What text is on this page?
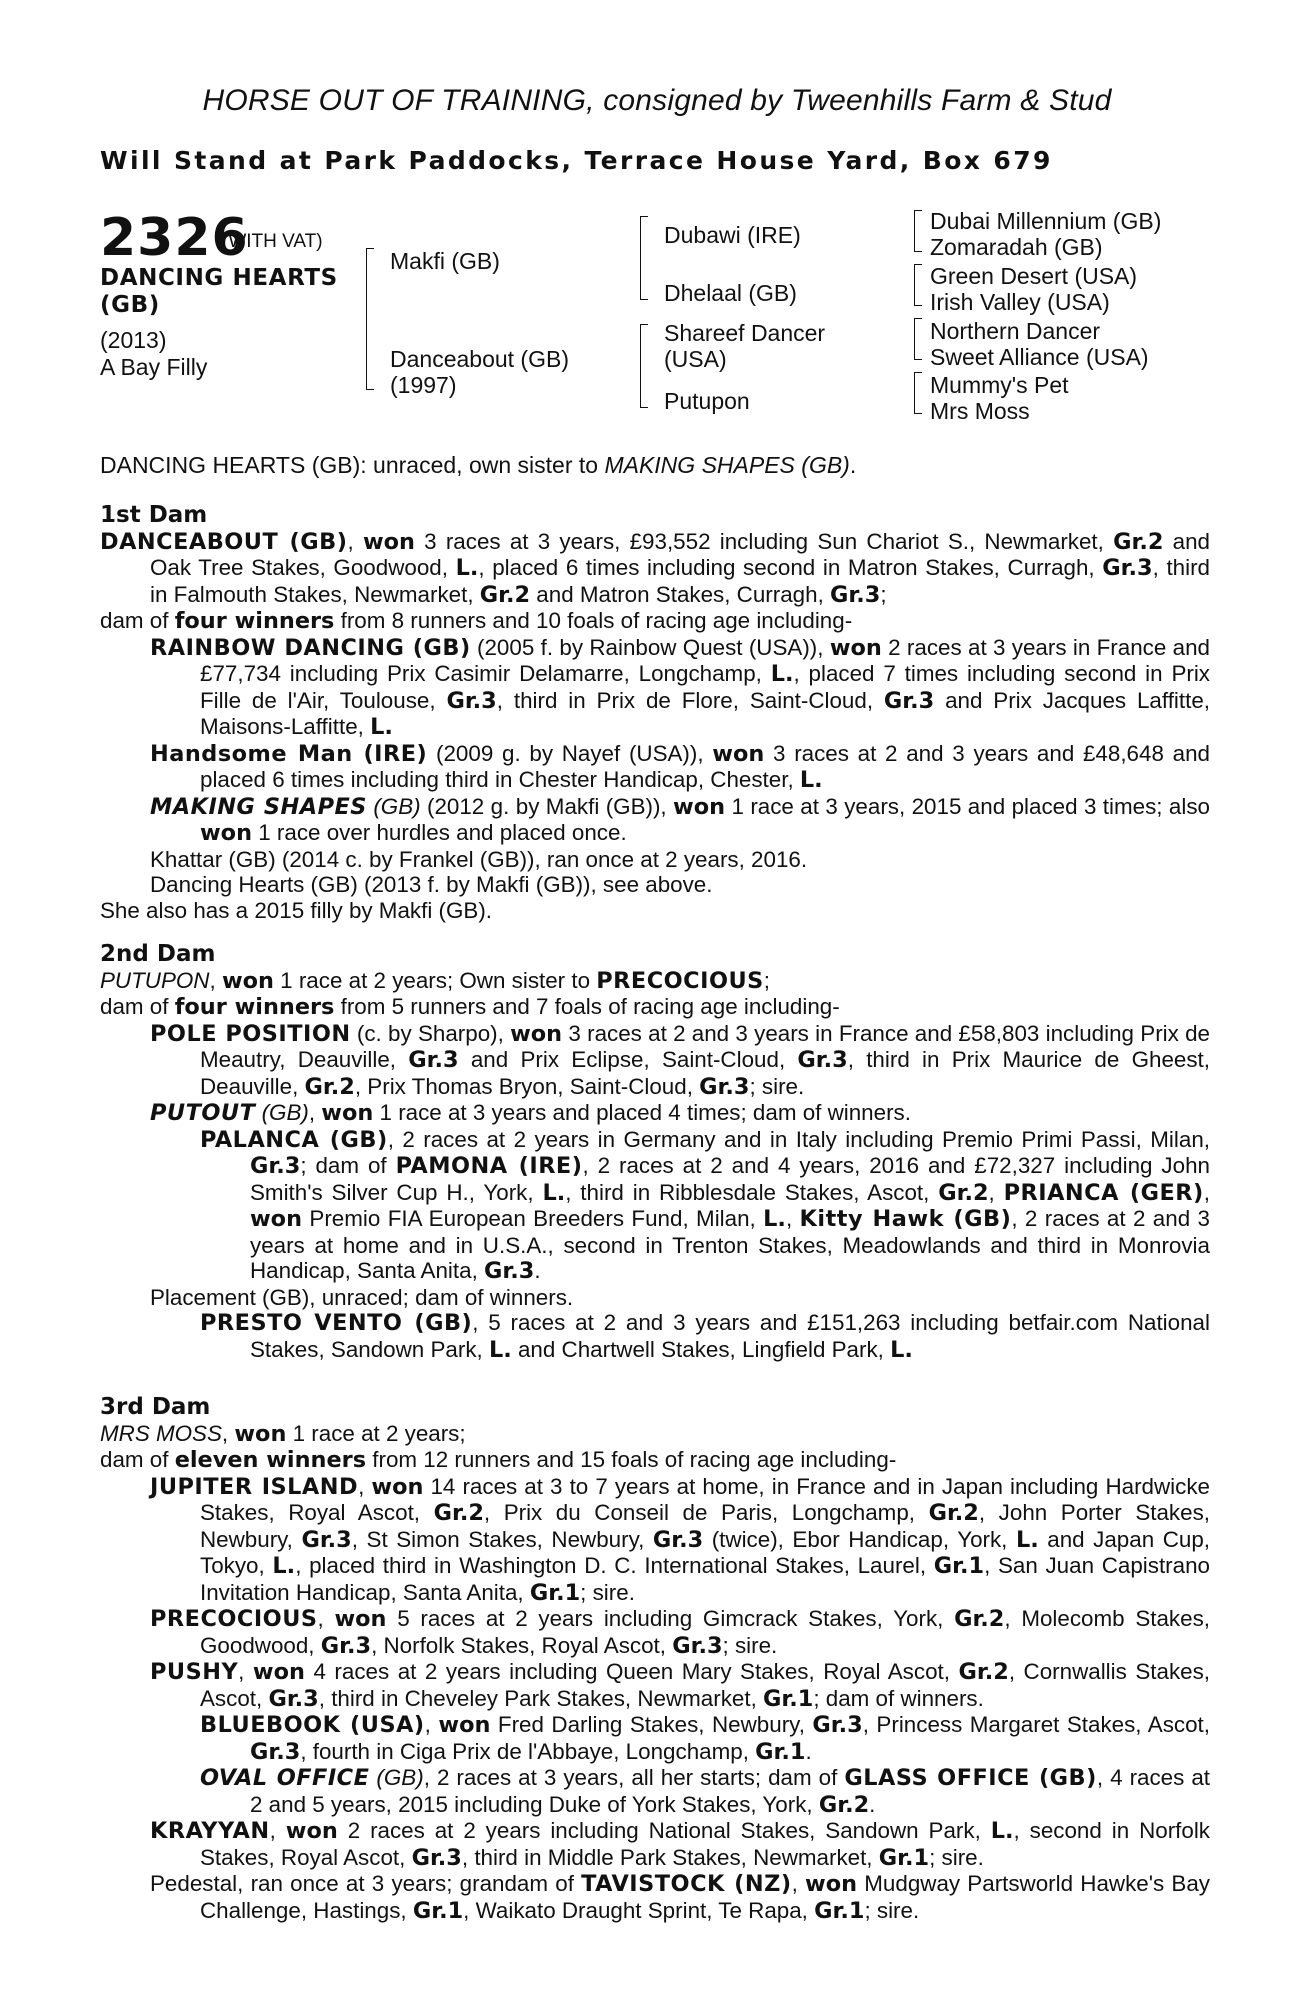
HORSE OUT OF TRAINING, consigned by Tweenhills Farm & Stud
Will Stand at Park Paddocks, Terrace House Yard, Box 679
2326
(WITH VAT)
DANCING HEARTS
(GB)
(2013)
A Bay Filly
Makfi (GB)
Danceabout (GB)
(1997)
Dubawi (IRE)
Dhelaal (GB)
Shareef Dancer
(USA)
Putupon
Dubai Millennium (GB)
Zomaradah (GB)
Green Desert (USA)
Irish Valley (USA)
Northern Dancer
Sweet Alliance (USA)
Mummy's Pet
Mrs Moss
DANCING HEARTS (GB): unraced, own sister to MAKING SHAPES (GB).
1st Dam
DANCEABOUT (GB), won 3 races at 3 years, £93,552 including Sun Chariot S., Newmarket, Gr.2 and Oak Tree Stakes, Goodwood, L., placed 6 times including second in Matron Stakes, Curragh, Gr.3, third in Falmouth Stakes, Newmarket, Gr.2 and Matron Stakes, Curragh, Gr.3;
dam of four winners from 8 runners and 10 foals of racing age including-
RAINBOW DANCING (GB) (2005 f. by Rainbow Quest (USA)), won 2 races at 3 years in France and £77,734 including Prix Casimir Delamarre, Longchamp, L., placed 7 times including second in Prix Fille de l'Air, Toulouse, Gr.3, third in Prix de Flore, Saint-Cloud, Gr.3 and Prix Jacques Laffitte, Maisons-Laffitte, L.
Handsome Man (IRE) (2009 g. by Nayef (USA)), won 3 races at 2 and 3 years and £48,648 and placed 6 times including third in Chester Handicap, Chester, L.
MAKING SHAPES (GB) (2012 g. by Makfi (GB)), won 1 race at 3 years, 2015 and placed 3 times; also won 1 race over hurdles and placed once.
Khattar (GB) (2014 c. by Frankel (GB)), ran once at 2 years, 2016.
Dancing Hearts (GB) (2013 f. by Makfi (GB)), see above.
She also has a 2015 filly by Makfi (GB).
2nd Dam
PUTUPON, won 1 race at 2 years; Own sister to PRECOCIOUS;
dam of four winners from 5 runners and 7 foals of racing age including-
POLE POSITION (c. by Sharpo), won 3 races at 2 and 3 years in France and £58,803 including Prix de Meautry, Deauville, Gr.3 and Prix Eclipse, Saint-Cloud, Gr.3, third in Prix Maurice de Gheest, Deauville, Gr.2, Prix Thomas Bryon, Saint-Cloud, Gr.3; sire.
PUTOUT (GB), won 1 race at 3 years and placed 4 times; dam of winners.
PALANCA (GB), 2 races at 2 years in Germany and in Italy including Premio Primi Passi, Milan, Gr.3; dam of PAMONA (IRE), 2 races at 2 and 4 years, 2016 and £72,327 including John Smith's Silver Cup H., York, L., third in Ribblesdale Stakes, Ascot, Gr.2, PRIANCA (GER), won Premio FIA European Breeders Fund, Milan, L., Kitty Hawk (GB), 2 races at 2 and 3 years at home and in U.S.A., second in Trenton Stakes, Meadowlands and third in Monrovia Handicap, Santa Anita, Gr.3.
Placement (GB), unraced; dam of winners.
PRESTO VENTO (GB), 5 races at 2 and 3 years and £151,263 including betfair.com National Stakes, Sandown Park, L. and Chartwell Stakes, Lingfield Park, L.
3rd Dam
MRS MOSS, won 1 race at 2 years;
dam of eleven winners from 12 runners and 15 foals of racing age including-
JUPITER ISLAND, won 14 races at 3 to 7 years at home, in France and in Japan including Hardwicke Stakes, Royal Ascot, Gr.2, Prix du Conseil de Paris, Longchamp, Gr.2, John Porter Stakes, Newbury, Gr.3, St Simon Stakes, Newbury, Gr.3 (twice), Ebor Handicap, York, L. and Japan Cup, Tokyo, L., placed third in Washington D. C. International Stakes, Laurel, Gr.1, San Juan Capistrano Invitation Handicap, Santa Anita, Gr.1; sire.
PRECOCIOUS, won 5 races at 2 years including Gimcrack Stakes, York, Gr.2, Molecomb Stakes, Goodwood, Gr.3, Norfolk Stakes, Royal Ascot, Gr.3; sire.
PUSHY, won 4 races at 2 years including Queen Mary Stakes, Royal Ascot, Gr.2, Cornwallis Stakes, Ascot, Gr.3, third in Cheveley Park Stakes, Newmarket, Gr.1; dam of winners.
BLUEBOOK (USA), won Fred Darling Stakes, Newbury, Gr.3, Princess Margaret Stakes, Ascot, Gr.3, fourth in Ciga Prix de l'Abbaye, Longchamp, Gr.1.
OVAL OFFICE (GB), 2 races at 3 years, all her starts; dam of GLASS OFFICE (GB), 4 races at 2 and 5 years, 2015 including Duke of York Stakes, York, Gr.2.
KRAYYAN, won 2 races at 2 years including National Stakes, Sandown Park, L., second in Norfolk Stakes, Royal Ascot, Gr.3, third in Middle Park Stakes, Newmarket, Gr.1; sire.
Pedestal, ran once at 3 years; grandam of TAVISTOCK (NZ), won Mudgway Partsworld Hawke's Bay Challenge, Hastings, Gr.1, Waikato Draught Sprint, Te Rapa, Gr.1; sire.
